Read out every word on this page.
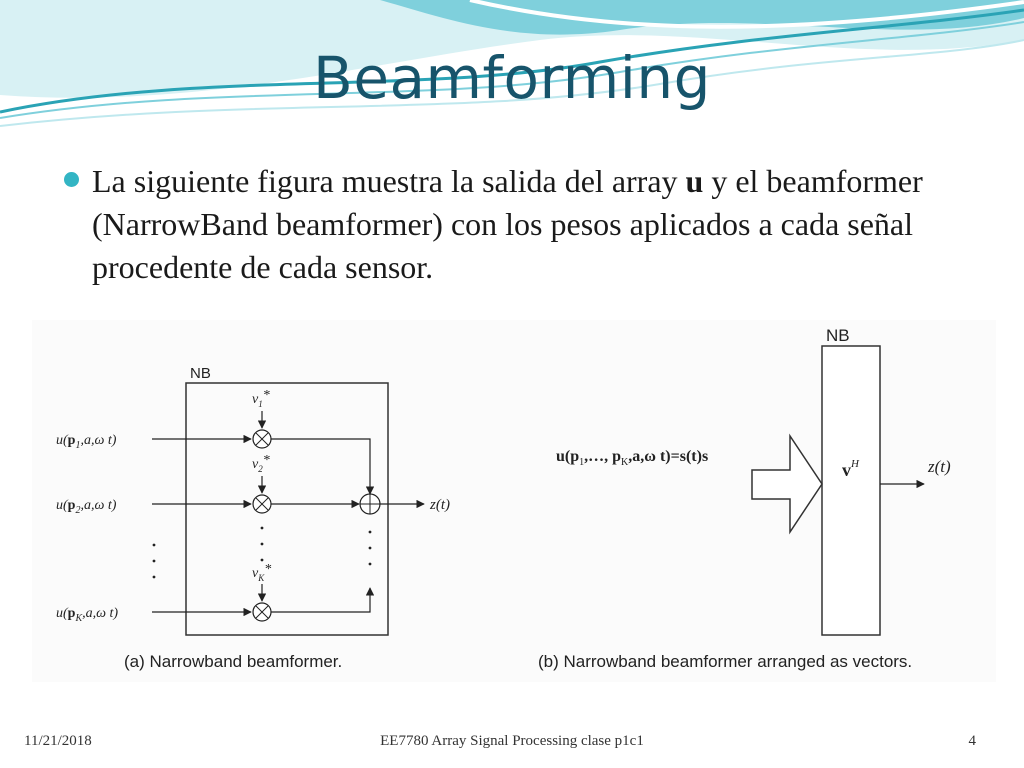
Beamforming
La siguiente figura muestra la salida del array u y el beamformer (NarrowBand beamformer) con los pesos aplicados a cada señal procedente de cada sensor.
NB
$u(p_1,a,\omega$ t)
$v_1*$
$u(p_2,a,\omega$ t)
$v_2*$
z(t)
$u(p_K,a,\omega$ t)
$v_K*$
(a) Narrowband beamformer.
NB
$u(p_1,\dots$, $p_K,a,\omega$ t)=s(t)s
$v^H$	z(t)
(b) Narrowband beamformer arranged as vectors.
11/21/2018	EE7780 Array Signal Processing clase p1c1	4
